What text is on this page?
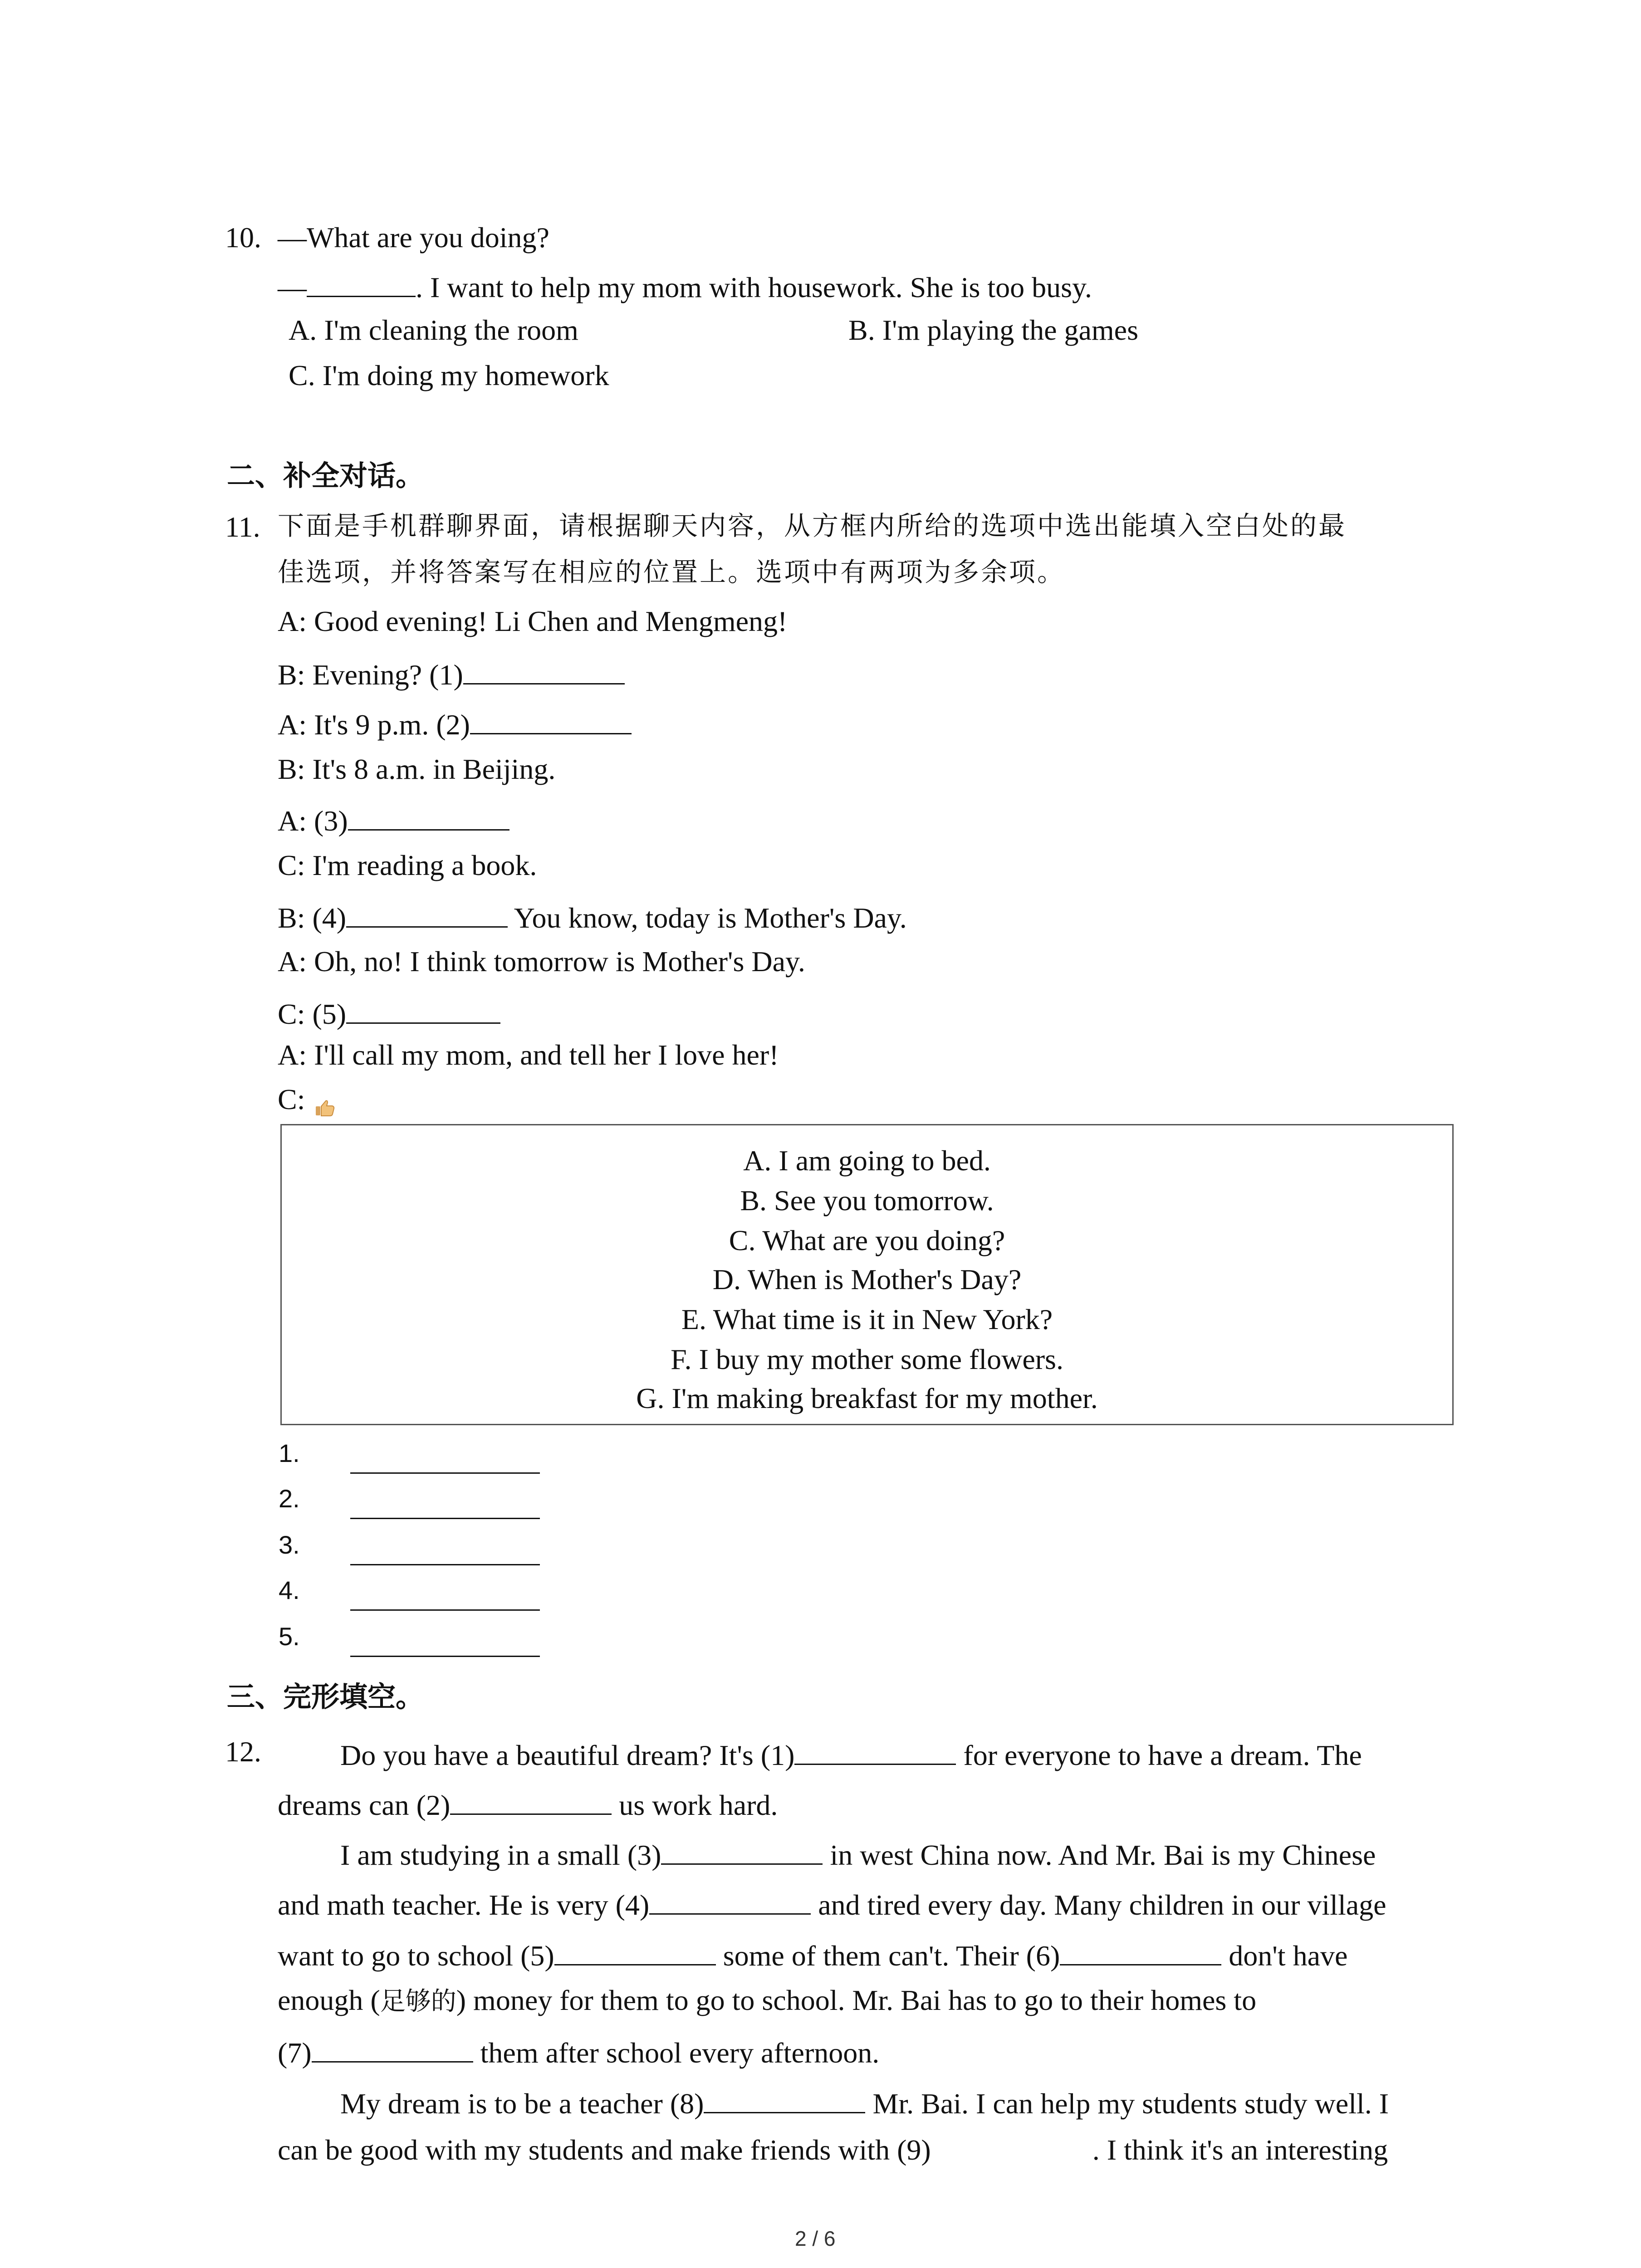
10. —What are you doing?
—	. I want to help my mom with housework. She is too busy.
A. I'm cleaning the room	B. I'm playing the games
C. I'm doing my homework
二、补全对话。
11. 下面是手机群聊界面，请根据聊天内容，从方框内所给的选项中选出能填入空白处的最
佳选项，并将答案写在相应的位置上。选项中有两项为多余项。
A: Good evening! Li Chen and Mengmeng!
B: Evening? (1)
A: It's 9 p.m. (2)
B: It's 8 a.m. in Beijing.
A: (3)
C: I'm reading a book.
B: (4)	You know, today is Mother's Day.
A: Oh, no! I think tomorrow is Mother's Day.
C: (5)
A: I'll call my mom, and tell her I love her!
C:
A. I am going to bed.
B. See you tomorrow.
C. What are you doing?
D. When is Mother's Day?
E. What time is it in New York?
F. I buy my mother some flowers.
G. I'm making breakfast for my mother.
1.
2.
3.
4.
5.
三、完形填空。
12.	Do you have a beautiful dream? It's (1)	for everyone to have a dream. The
dreams can (2)	us work hard.
I am studying in a small (3)	in west China now. And Mr. Bai is my Chinese
and math teacher. He is very (4)	and tired every day. Many children in our village
want to go to school (5)	some of them can't. Their (6)	don't have
enough (足够的) money for them to go to school. Mr. Bai has to go to their homes to
(7)	them after school every afternoon.
My dream is to be a teacher (8)	Mr. Bai. I can help my students study well. I
can be good with my students and make friends with (9)	. I think it's an interesting
2 / 6
